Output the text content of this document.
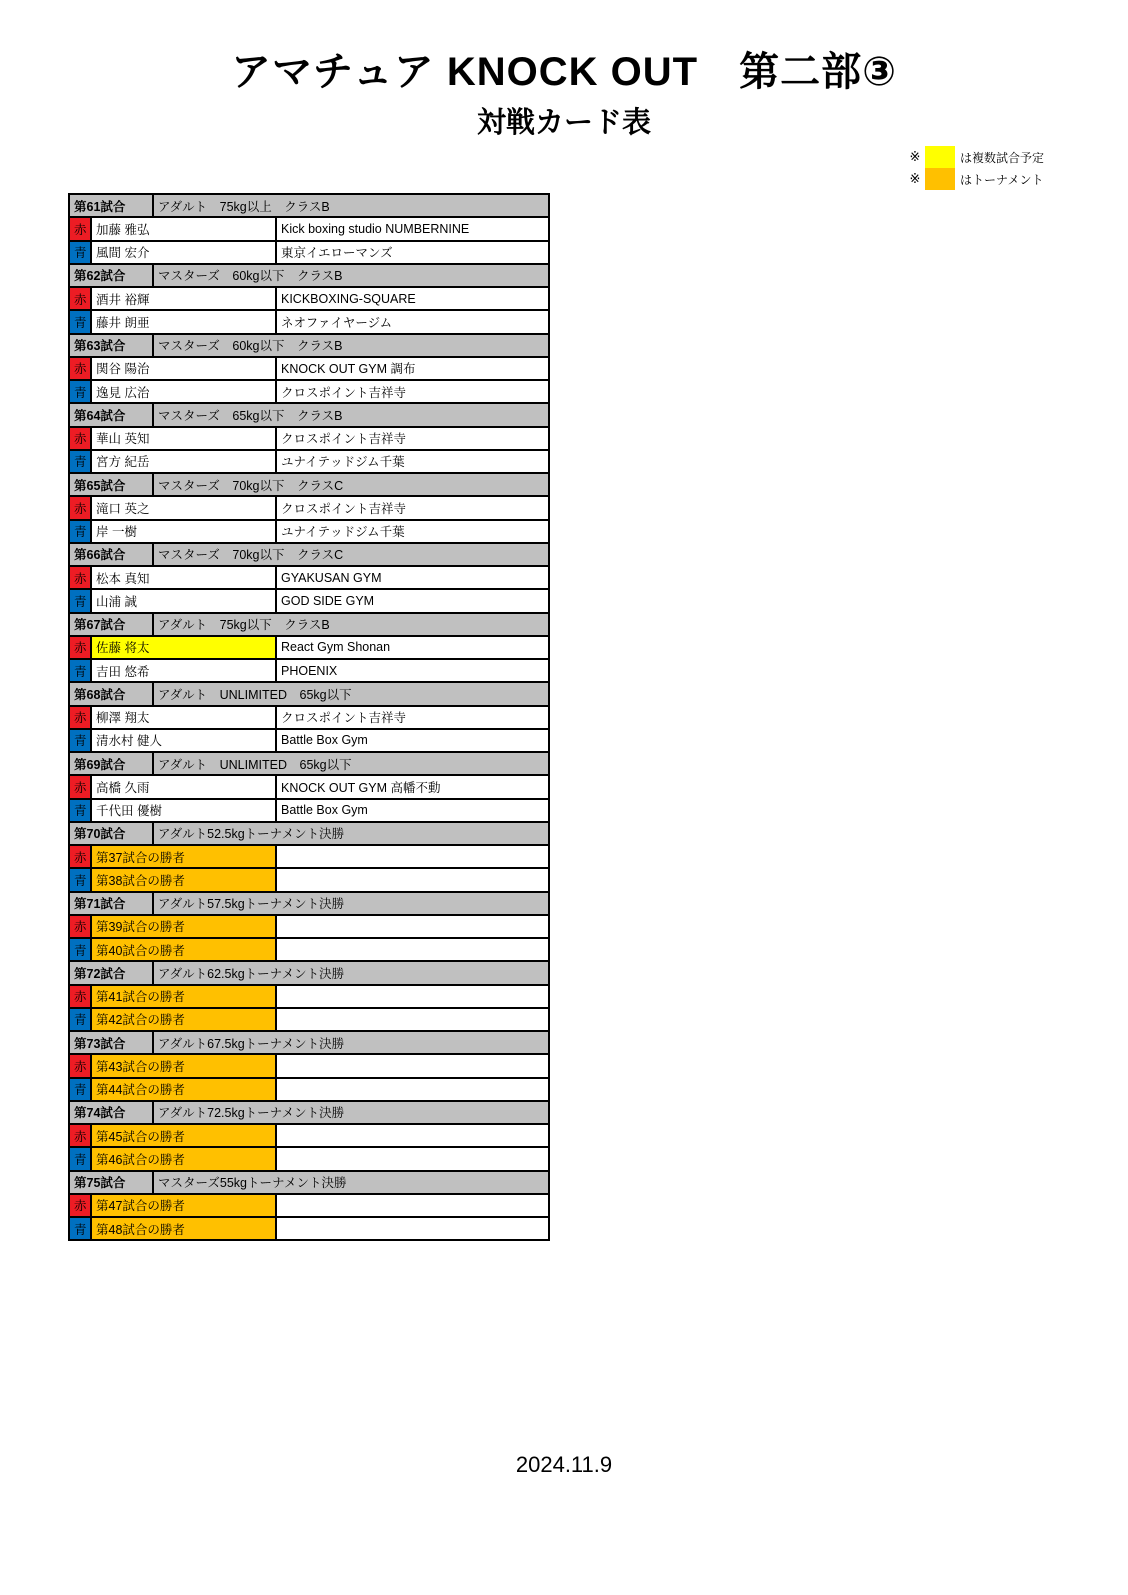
アマチュア KNOCK OUT　第二部③
対戦カード表
※	は複数試合予定
※	はトーナメント
第61試合		アダルト　75kg以上　クラスB	
赤	加藤 雅弘		Kick boxing studio NUMBERNINE
青	風間 宏介		東京イエローマンズ
第62試合		マスターズ　60kg以下　クラスB	
赤	酒井 裕輝		KICKBOXING-SQUARE
青	藤井 朗亜		ネオファイヤージム
第63試合		マスターズ　60kg以下　クラスB	
赤	関谷 陽治		KNOCK OUT GYM 調布
青	逸見 広治		クロスポイント吉祥寺
第64試合		マスターズ　65kg以下　クラスB	
赤	華山 英知		クロスポイント吉祥寺
青	宮方 紀岳		ユナイテッドジム千葉
第65試合		マスターズ　70kg以下　クラスC	
赤	滝口 英之		クロスポイント吉祥寺
青	岸 一樹		ユナイテッドジム千葉
第66試合		マスターズ　70kg以下　クラスC	
赤	松本 真知		GYAKUSAN GYM
青	山浦 誠		GOD SIDE GYM
第67試合		アダルト　75kg以下　クラスB	
赤	佐藤 将太		React Gym Shonan
青	吉田 悠希		PHOENIX
第68試合		アダルト　UNLIMITED　65kg以下	
赤	柳澤 翔太		クロスポイント吉祥寺
青	清水村 健人		Battle Box Gym
第69試合		アダルト　UNLIMITED　65kg以下	
赤	高橋 久雨		KNOCK OUT GYM 高幡不動
青	千代田 優樹		Battle Box Gym
第70試合		アダルト52.5kgトーナメント決勝	
赤	第37試合の勝者		
青	第38試合の勝者		
第71試合		アダルト57.5kgトーナメント決勝	
赤	第39試合の勝者		
青	第40試合の勝者		
第72試合		アダルト62.5kgトーナメント決勝	
赤	第41試合の勝者		
青	第42試合の勝者		
第73試合		アダルト67.5kgトーナメント決勝	
赤	第43試合の勝者		
青	第44試合の勝者		
第74試合		アダルト72.5kgトーナメント決勝	
赤	第45試合の勝者		
青	第46試合の勝者		
第75試合		マスターズ55kgトーナメント決勝	
赤	第47試合の勝者		
青	第48試合の勝者		
2024.11.9
